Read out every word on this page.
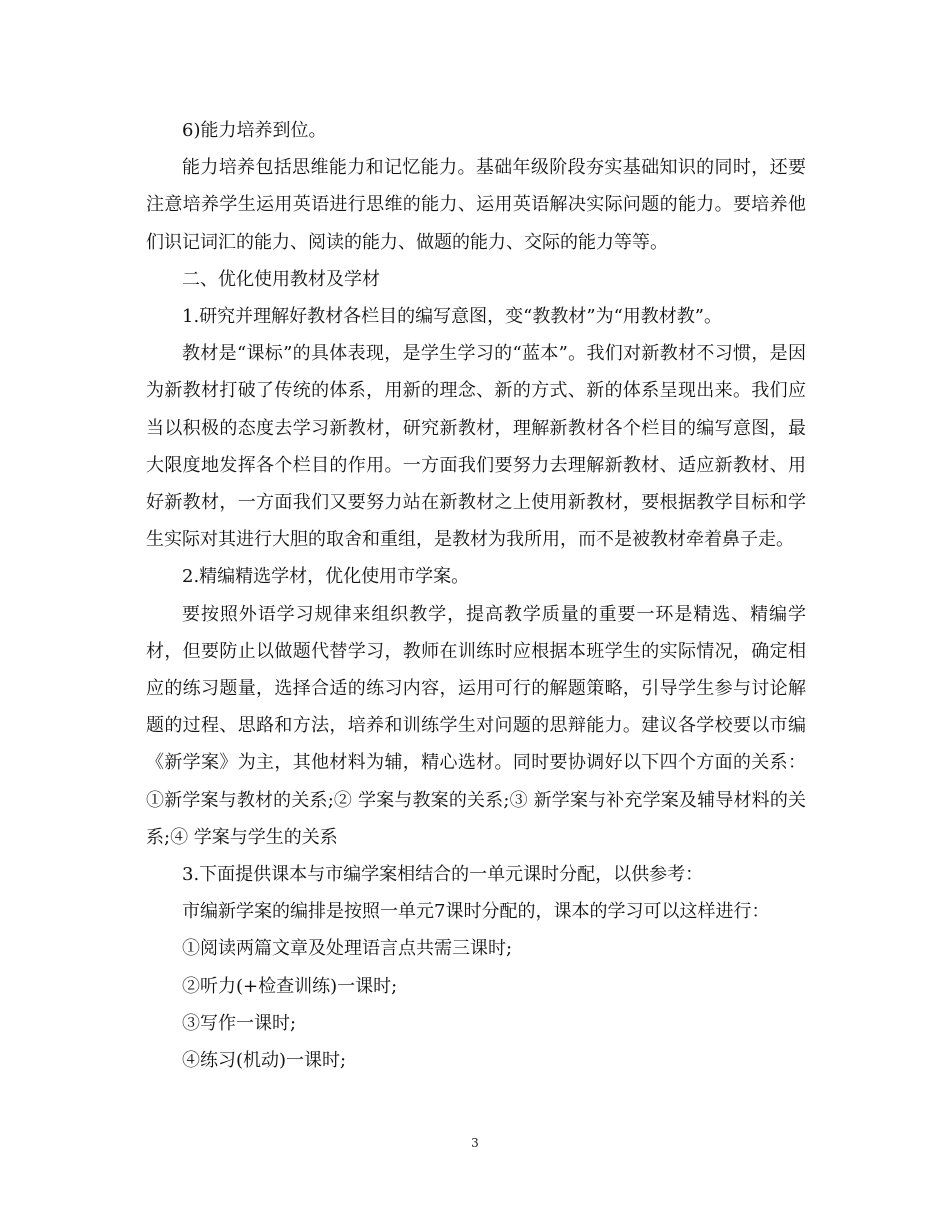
6)能力培养到位。

能力培养包括思维能力和记忆能力。基础年级阶段夯实基础知识的同时，还要注意培养学生运用英语进行思维的能力、运用英语解决实际问题的能力。要培养他们识记词汇的能力、阅读的能力、做题的能力、交际的能力等等。

二、优化使用教材及学材

1.研究并理解好教材各栏目的编写意图，变“教教材”为“用教材教”。

教材是“课标”的具体表现，是学生学习的“蓝本”。我们对新教材不习惯，是因为新教材打破了传统的体系，用新的理念、新的方式、新的体系呈现出来。我们应当以积极的态度去学习新教材，研究新教材，理解新教材各个栏目的编写意图，最大限度地发挥各个栏目的作用。一方面我们要努力去理解新教材、适应新教材、用好新教材，一方面我们又要努力站在新教材之上使用新教材，要根据教学目标和学生实际对其进行大胆的取舍和重组，是教材为我所用，而不是被教材牵着鼻子走。

2.精编精选学材，优化使用市学案。

要按照外语学习规律来组织教学，提高教学质量的重要一环是精选、精编学材，但要防止以做题代替学习，教师在训练时应根据本班学生的实际情况，确定相应的练习题量，选择合适的练习内容，运用可行的解题策略，引导学生参与讨论解题的过程、思路和方法，培养和训练学生对问题的思辩能力。建议各学校要以市编《新学案》为主，其他材料为辅，精心选材。同时要协调好以下四个方面的关系：①新学案与教材的关系;② 学案与教案的关系;③ 新学案与补充学案及辅导材料的关系;④ 学案与学生的关系

3.下面提供课本与市编学案相结合的一单元课时分配，以供参考：

市编新学案的编排是按照一单元7课时分配的，课本的学习可以这样进行：

①阅读两篇文章及处理语言点共需三课时;

②听力(+检查训练)一课时;

③写作一课时;

④练习(机动)一课时;

3
